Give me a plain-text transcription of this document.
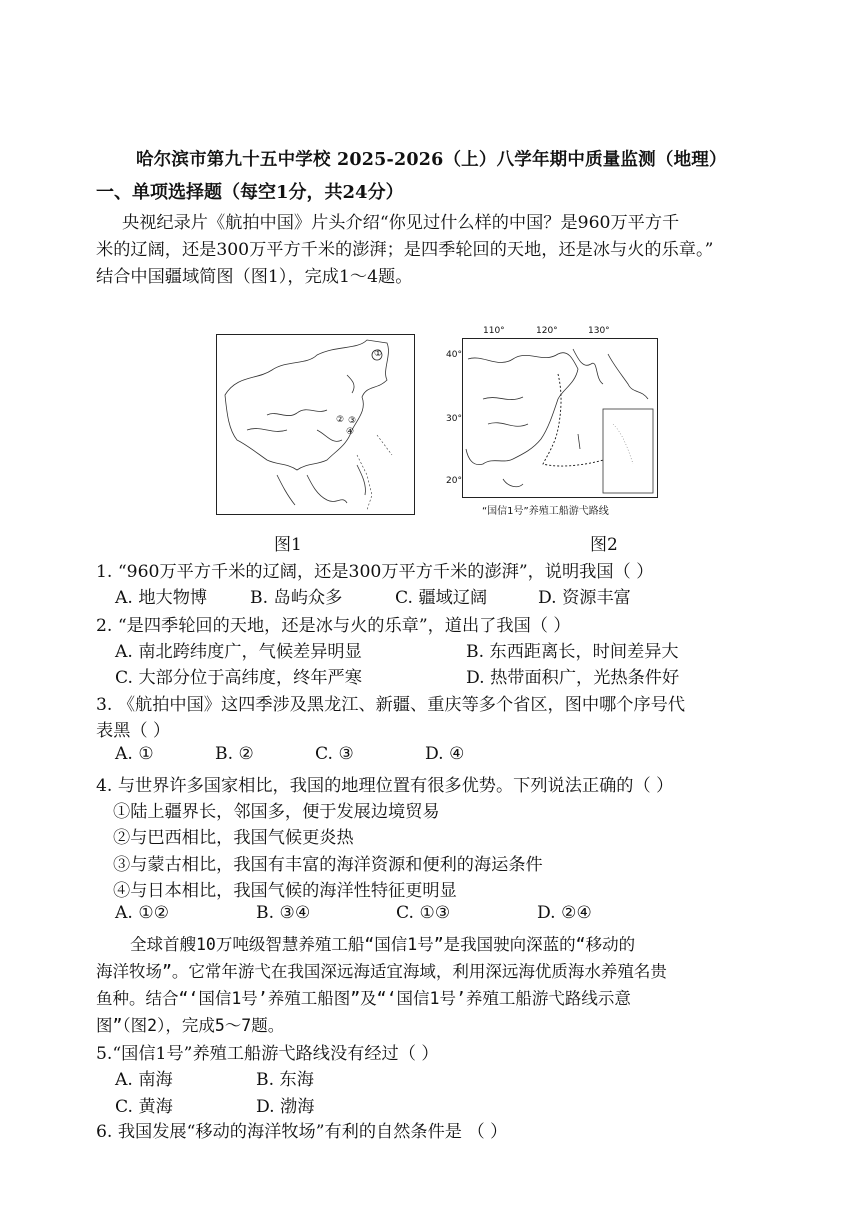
哈尔滨市第九十五中学校 2025-2026（上）八学年期中质量监测（地理）
一、单项选择题（每空1分，共24分）
央视纪录片《航拍中国》片头介绍“你见过什么样的中国？是960万平方千
米的辽阔，还是300万平方千米的澎湃；是四季轮回的天地，还是冰与火的乐章。”
结合中国疆域简图（图1），完成1～4题。
①
② ③
④
110°	120°	130°
40°
30°
20°
“国信1号”养殖工船游弋路线
图1	图2
1. “960万平方千米的辽阔，还是300万平方千米的澎湃”，说明我国（ ）
A. 地大物博 B. 岛屿众多	C. 疆域辽阔	D. 资源丰富
2. “是四季轮回的天地，还是冰与火的乐章”，道出了我国（ ）
A. 南北跨纬度广，气候差异明显	B. 东西距离长，时间差异大
C. 大部分位于高纬度，终年严寒	D. 热带面积广，光热条件好
3. 《航拍中国》这四季涉及黑龙江、新疆、重庆等多个省区，图中哪个序号代
表黑（ ）
A. ①	B. ②	C. ③	D. ④
4. 与世界许多国家相比，我国的地理位置有很多优势。下列说法正确的（ ）
①陆上疆界长，邻国多，便于发展边境贸易
②与巴西相比，我国气候更炎热
③与蒙古相比，我国有丰富的海洋资源和便利的海运条件
④与日本相比，我国气候的海洋性特征更明显
A. ①②	B. ③④	C. ①③	D. ②④
全球首艘10万吨级智慧养殖工船“国信1号”是我国驶向深蓝的“移动的
海洋牧场”。它常年游弋在我国深远海适宜海域，利用深远海优质海水养殖名贵
鱼种。结合“‘国信1号’养殖工船图”及“‘国信1号’养殖工船游弋路线示意
图”（图2），完成5～7题。
5.“国信1号”养殖工船游弋路线没有经过（ ）
A. 南海	B. 东海
C. 黄海	D. 渤海
6. 我国发展“移动的海洋牧场”有利的自然条件是 （ ）
